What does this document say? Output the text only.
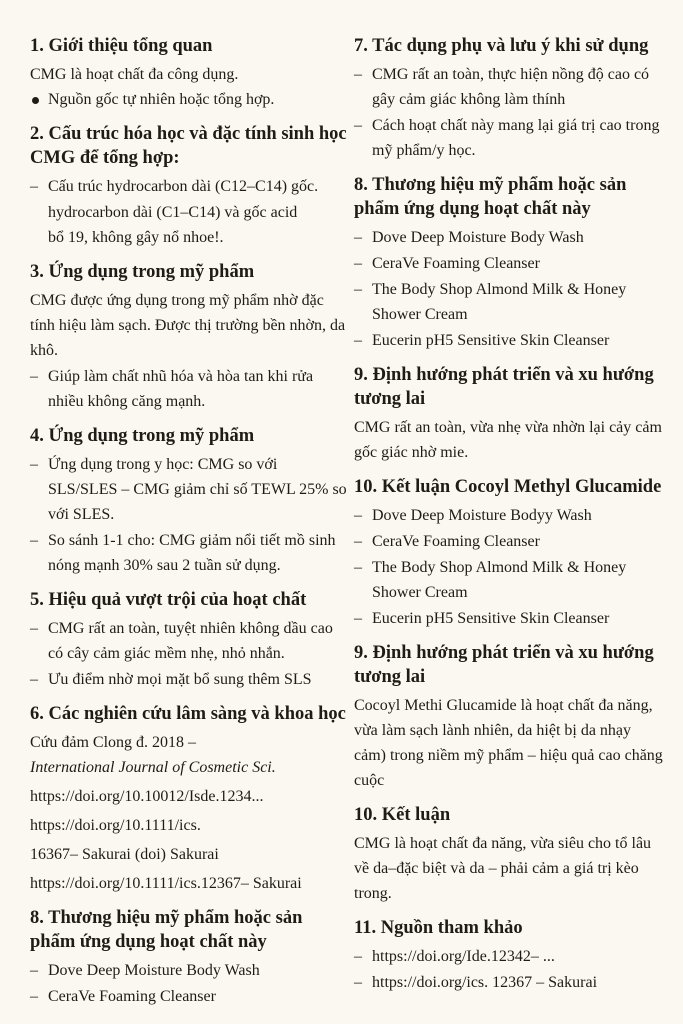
1. Giới thiệu tổng quan

CMG là hoạt chất đa công dụng.

Nguồn gốc tự nhiên hoặc tổng hợp.
2. Cấu trúc hóa học và đặc tính sinh học CMG để tổng hợp:
– Cấu trúc hydrocarbon dài (C12–C14) gốc.

hydrocarbon dài (C1–C14) và gốc acid

bổ 19, không gây nổ nhoe!.

3. Ứng dụng trong mỹ phẩm

CMG được ứng dụng trong mỹ phẩm nhờ đặc tính hiệu làm sạch. Được thị trường bền nhờn, da khô.

– Giúp làm chất nhũ hóa và hòa tan khi rửa nhiều không căng mạnh.
4. Ứng dụng trong mỹ phẩm
– Ứng dụng trong y học: CMG so với SLS/SLES – CMG giảm chỉ số TEWL 25% so với SLES.
– So sánh 1-1 cho: CMG giảm nổi tiết mồ sinh nóng mạnh 30% sau 2 tuần sử dụng.
5. Hiệu quả vượt trội của hoạt chất
– CMG rất an toàn, tuyệt nhiên không dầu cao có cây cảm giác mềm nhẹ, nhỏ nhắn.
– Ưu điểm nhờ mọi mặt bổ sung thêm SLS
6. Các nghiên cứu lâm sàng và khoa học

Cứu đảm Clong đ. 2018 –

International Journal of Cosmetic Sci.

https://doi.org/10.10012/Isde.1234...

https://doi.org/10.1111/ics.

16367– Sakurai (doi) Sakurai

https://doi.org/10.1111/ics.12367– Sakurai

8. Thương hiệu mỹ phẩm hoặc sản phẩm ứng dụng hoạt chất này
– Dove Deep Moisture Body Wash
– CeraVe Foaming Cleanser
7. Tác dụng phụ và lưu ý khi sử dụng
– CMG rất an toàn, thực hiện nồng độ cao có gây cảm giác không làm thính
– Cách hoạt chất này mang lại giá trị cao trong mỹ phẩm/y học.
8. Thương hiệu mỹ phẩm hoặc sản phẩm ứng dụng hoạt chất này
– Dove Deep Moisture Body Wash
– CeraVe Foaming Cleanser
– The Body Shop Almond Milk & Honey Shower Cream
– Eucerin pH5 Sensitive Skin Cleanser
9. Định hướng phát triển và xu hướng tương lai

CMG rất an toàn, vừa nhẹ vừa nhờn lại cảy cảm gốc giác nhờ mie.

10. Kết luận Cocoyl Methyl Glucamide
– Dove Deep Moisture Bodyy Wash
– CeraVe Foaming Cleanser
– The Body Shop Almond Milk & Honey Shower Cream
– Eucerin pH5 Sensitive Skin Cleanser
9. Định hướng phát triển và xu hướng tương lai

Cocoyl Methi Glucamide là hoạt chất đa năng, vừa làm sạch lành nhiên, da hiệt bị da nhạy cảm) trong niềm mỹ phẩm – hiệu quả cao chăng cuộc

10. Kết luận

CMG là hoạt chất đa năng, vừa siêu cho tổ lâu về da–đặc biệt và da – phải cảm a giá trị kèo trong.

11. Nguồn tham khảo
– https://doi.org/Ide.12342– ...
– https://doi.org/ics. 12367 – Sakurai
